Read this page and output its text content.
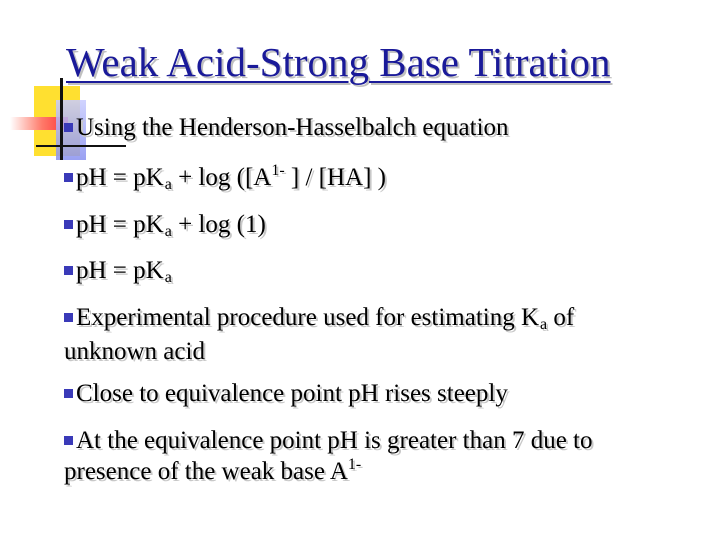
Weak Acid-Strong Base Titration
Using the Henderson-Hasselbalch equation
pH = pKa + $\log ([A^{1-}$ ] / [HA] )
pH = pKa + log (1)
pH = pKa
Experimental procedure used for estimating Ka of
unknown acid
Close to equivalence point pH rises steeply
At the equivalence point pH is greater than 7 due to
presence of the weak base $A^{1-}$
